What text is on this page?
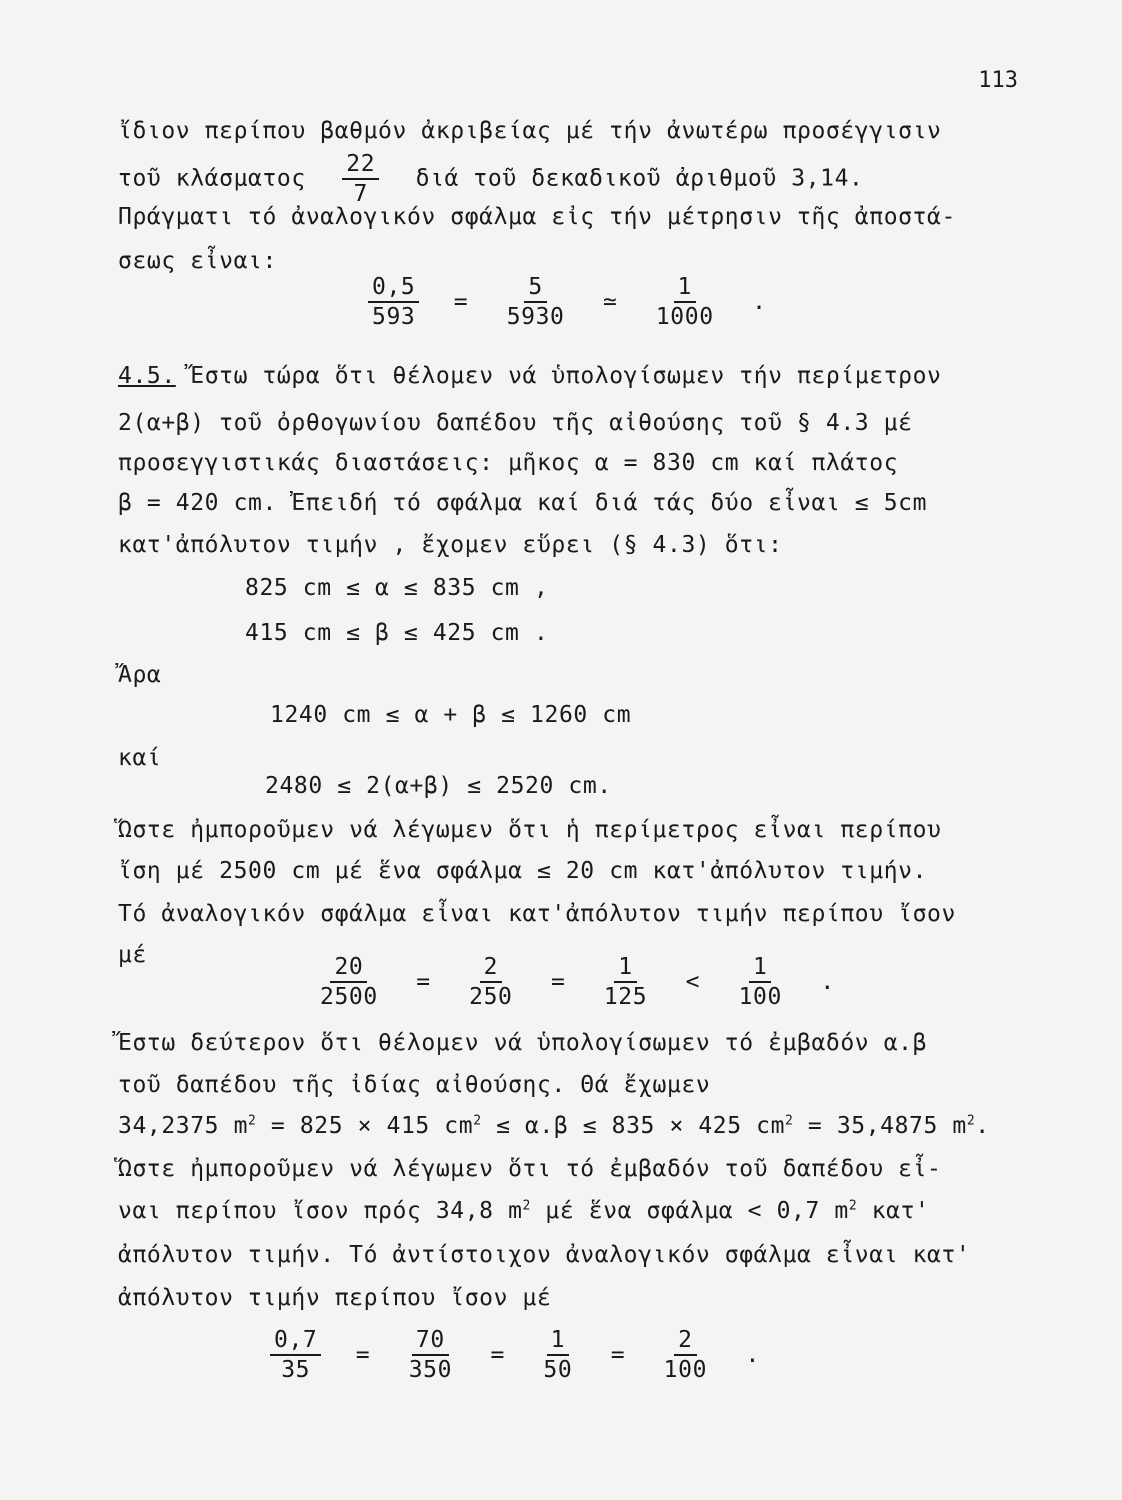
113
ἴδιον περίπου βαθμόν ἀκριβείας μέ τήν ἀνωτέρω προσέγγισιν
τοῦ κλάσματος $\frac{22}{7}$ διά τοῦ δεκαδικοῦ ἀριθμοῦ 3,14.
Πράγματι τό ἀναλογικόν σφάλμα εἰς τήν μέτρησιν τῆς ἀποστά-
σεως εἶναι:
$\frac{0,5}{593} = \frac{5}{5930}$ ≃ $\frac{1}{1000}$ .
4.5. Ἔστω τώρα ὅτι θέλομεν νά ὑπολογίσωμεν τήν περίμετρον
2(α+β) τοῦ ὀρθογωνίου δαπέδου τῆς αἰθούσης τοῦ § 4.3 μέ
προσεγγιστικάς διαστάσεις: μῆκος α = 830 cm καί πλάτος
β = 420 cm. Ἐπειδή τό σφάλμα καί διά τάς δύο εἶναι ≤ 5cm
κατ'ἀπόλυτον τιμήν , ἔχομεν εὕρει (§ 4.3) ὅτι:
825 cm ≤ α ≤ 835 cm ,
415 cm ≤ β ≤ 425 cm .
Ἄρα
1240 cm ≤ α + β ≤ 1260 cm
καί
2480 ≤ 2(α+β) ≤ 2520 cm.
Ὥστε ἠμποροῦμεν νά λέγωμεν ὅτι ἡ περίμετρος εἶναι περίπου
ἴση μέ 2500 cm μέ ἕνα σφάλμα ≤ 20 cm κατ'ἀπόλυτον τιμήν.
Τό ἀναλογικόν σφάλμα εἶναι κατ'ἀπόλυτον τιμήν περίπου ἴσον
μέ	$\frac{20}{2500} = \frac{2}{250} = \frac{1}{125} < \frac{1}{100}$ .
Ἔστω δεύτερον ὅτι θέλομεν νά ὑπολογίσωμεν τό ἐμβαδόν α.β
τοῦ δαπέδου τῆς ἰδίας αἰθούσης. Θά ἔχωμεν
34,2375 $m^2 = 825 \times 415$ $cm^2 \le \alpha.\beta \le 835 \times 425$ $cm^2 = 35,4875$ $m^2$.
Ὥστε ἠμποροῦμεν νά λέγωμεν ὅτι τό ἐμβαδόν τοῦ δαπέδου εἶ-
ναι περίπου ἴσον πρός 34,8 $m^2$ μέ ἕνα σφάλμα < 0,7 $m^2$ κατ'
ἀπόλυτον τιμήν. Τό ἀντίστοιχον ἀναλογικόν σφάλμα εἶναι κατ'
ἀπόλυτον τιμήν περίπου ἴσον μέ
$\frac{0,7}{35} = \frac{70}{350} = \frac{1}{50} = \frac{2}{100}$ .
